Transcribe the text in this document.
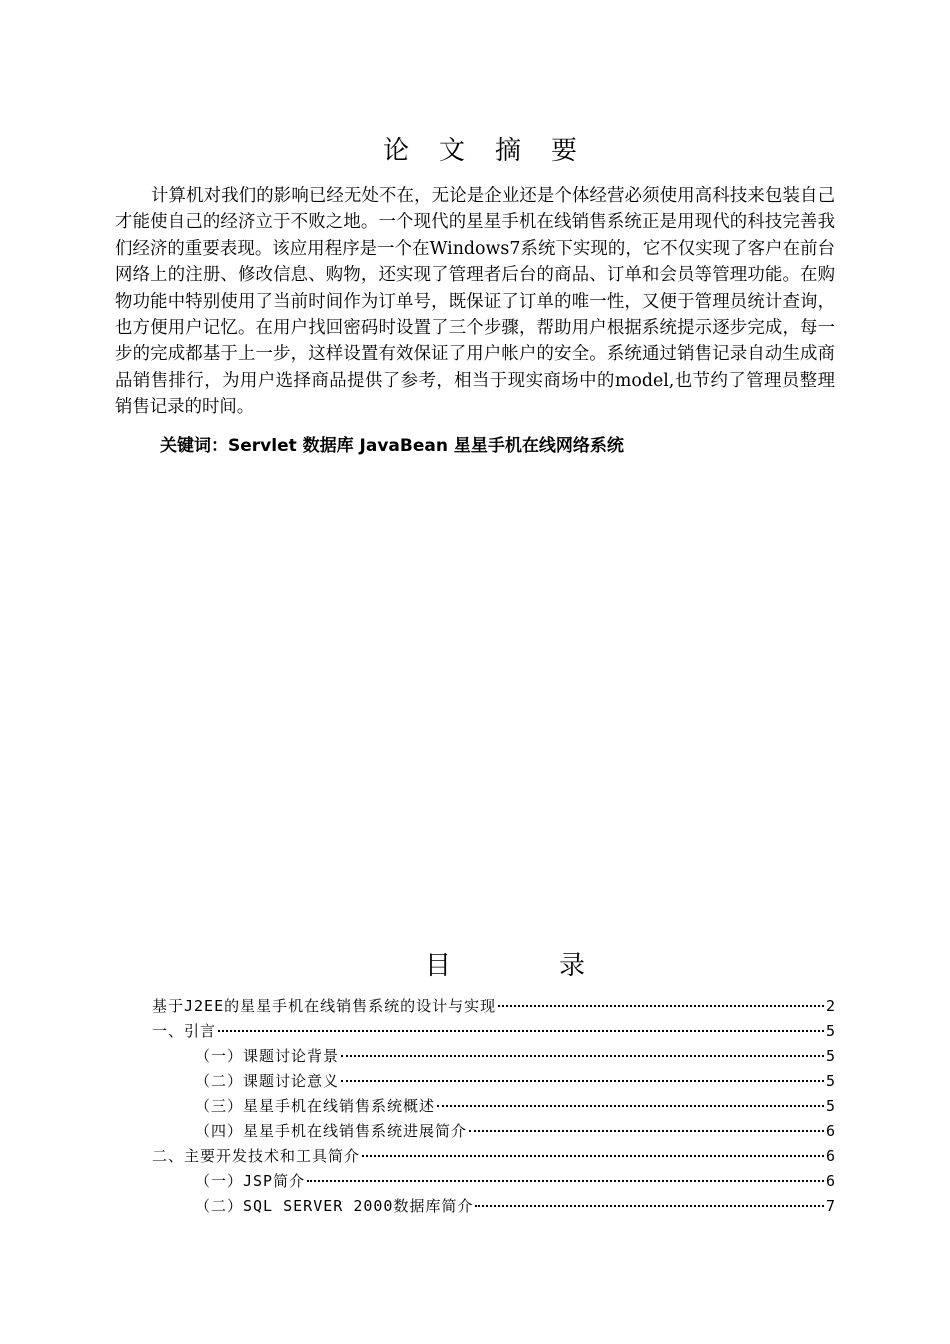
论文摘要

计算机对我们的影响已经无处不在，无论是企业还是个体经营必须使用高科技来包装自己才能使自己的经济立于不败之地。一个现代的星星手机在线销售系统正是用现代的科技完善我们经济的重要表现。该应用程序是一个在Windows7系统下实现的，它不仅实现了客户在前台网络上的注册、修改信息、购物，还实现了管理者后台的商品、订单和会员等管理功能。在购物功能中特别使用了当前时间作为订单号，既保证了订单的唯一性，又便于管理员统计查询，也方便用户记忆。在用户找回密码时设置了三个步骤，帮助用户根据系统提示逐步完成，每一步的完成都基于上一步，这样设置有效保证了用户帐户的安全。系统通过销售记录自动生成商品销售排行，为用户选择商品提供了参考，相当于现实商场中的model,也节约了管理员整理销售记录的时间。

关键词：Servlet 数据库 JavaBean 星星手机在线网络系统
目	录
基于J2EE的星星手机在线销售系统的设计与实现	2
一、引言	5
（一）课题讨论背景	5
（二）课题讨论意义	5
（三）星星手机在线销售系统概述	5
（四）星星手机在线销售系统进展简介	6
二、主要开发技术和工具简介	6
（一）JSP简介	6
（二）SQL SERVER 2000数据库简介	7
